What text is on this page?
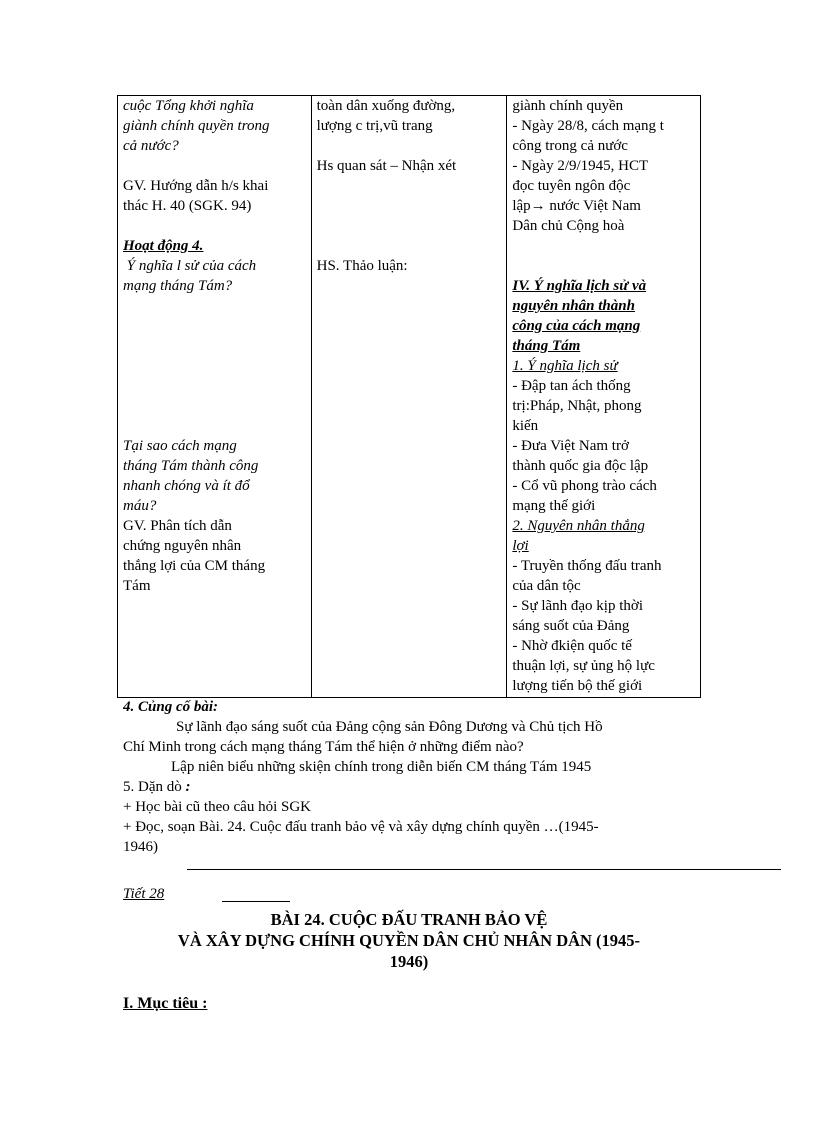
cuộc Tổng khởi nghĩa
giành chính quyền trong
cả nước?
GV. Hướng dẫn h/s khai
thác H. 40 (SGK. 94)
Hoạt động 4.
Ý nghĩa l sử của cách
mạng tháng Tám?
Tại sao cách mạng
tháng Tám thành công
nhanh chóng và ít đổ
máu?
GV. Phân tích dẫn
chứng nguyên nhân
thắng lợi của CM tháng
Tám

toàn dân xuống đường,
lượng c trị,vũ trang
Hs quan sát – Nhận xét
HS. Thảo luận:

giành chính quyền
- Ngày 28/8, cách mạng t
công trong cả nước
- Ngày 2/9/1945, HCT
đọc tuyên ngôn độc
lập→ nước Việt Nam
Dân chủ Cộng hoà
IV. Ý nghĩa lịch sử và
nguyên nhân thành
công của cách mạng
tháng Tám
1. Ý nghĩa lịch sử
- Đập tan ách thống
trị:Pháp, Nhật, phong
kiến
- Đưa Việt Nam trở
thành quốc gia độc lập
- Cổ vũ phong trào cách
mạng thế giới
2. Nguyên nhân thắng
lợi
- Truyền thống đấu tranh
của dân tộc
- Sự lãnh đạo kịp thời
sáng suốt của Đảng
- Nhờ đkiện quốc tế
thuận lợi, sự ủng hộ lực
lượng tiến bộ thế giới
4. Củng cố bài:
Sự lãnh đạo sáng suốt của Đảng cộng sản Đông Dương và Chủ tịch Hồ
Chí Minh trong cách mạng tháng Tám thể hiện ở những điểm nào?
Lập niên biểu những skiện chính trong diễn biến CM tháng Tám 1945
5. Dặn dò :
+ Học bài cũ theo câu hỏi SGK
+ Đọc, soạn Bài. 24. Cuộc đấu tranh bảo vệ và xây dựng chính quyền …(1945-
1946)
Tiết 28
BÀI 24. CUỘC ĐẤU TRANH BẢO VỆ
VÀ XÂY DỰNG CHÍNH QUYỀN DÂN CHỦ NHÂN DÂN (1945-
1946)
I. Mục tiêu :
